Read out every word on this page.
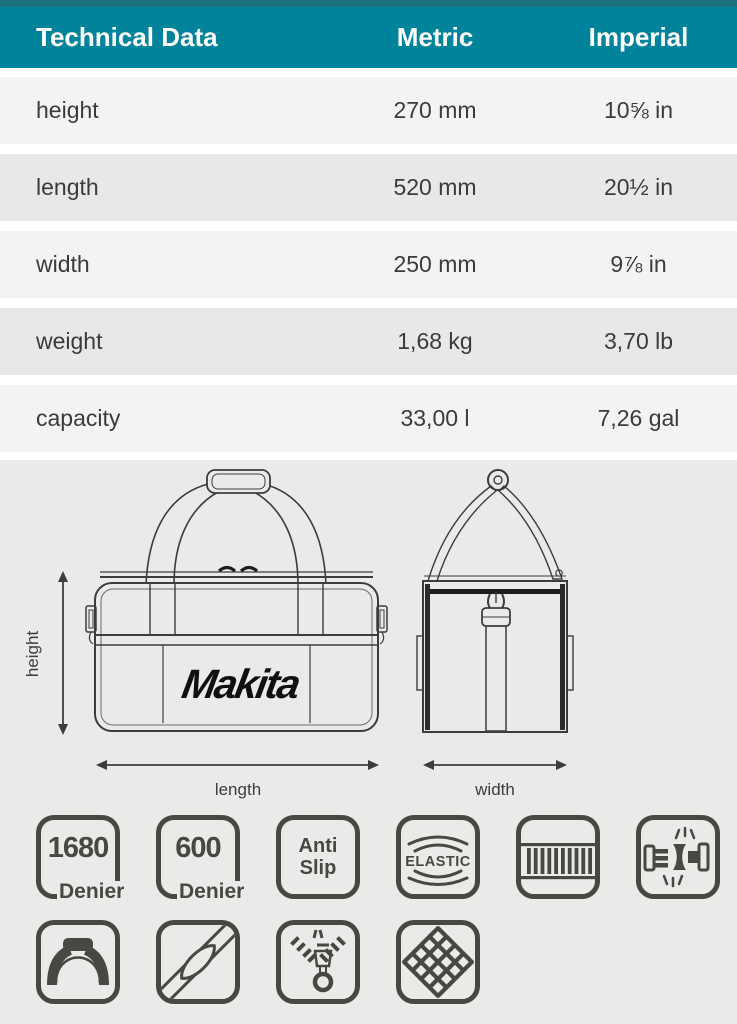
Technical Data	Metric	Imperial
height	270 mm	10⅝ in
length	520 mm	20½ in
width	250 mm	9⅞ in
weight	1,68 kg	3,70 lb
capacity	33,00 l	7,26 gal
Makita
height
length	width
1680
Denier
600
Denier
Anti
Slip	ELASTIC
